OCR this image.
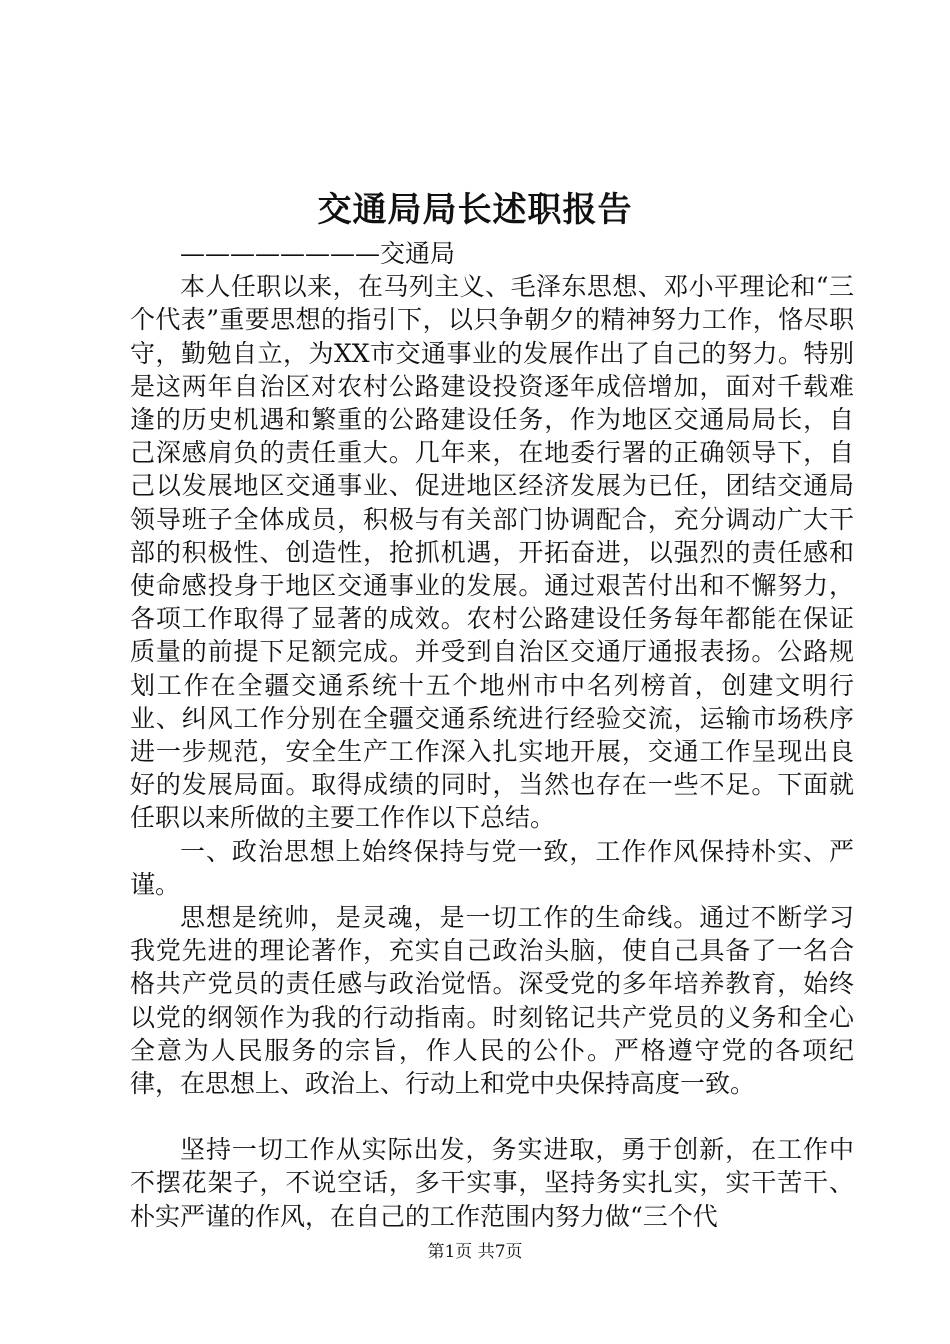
交通局局长述职报告

————————交通局

本人任职以来，在马列主义、毛泽东思想、邓小平理论和“三个代表”重要思想的指引下，以只争朝夕的精神努力工作，恪尽职守，勤勉自立，为XX市交通事业的发展作出了自己的努力。特别是这两年自治区对农村公路建设投资逐年成倍增加，面对千载难逢的历史机遇和繁重的公路建设任务，作为地区交通局局长，自己深感肩负的责任重大。几年来，在地委行署的正确领导下，自己以发展地区交通事业、促进地区经济发展为已任，团结交通局领导班子全体成员，积极与有关部门协调配合，充分调动广大干部的积极性、创造性，抢抓机遇，开拓奋进，以强烈的责任感和使命感投身于地区交通事业的发展。通过艰苦付出和不懈努力，各项工作取得了显著的成效。农村公路建设任务每年都能在保证质量的前提下足额完成。并受到自治区交通厅通报表扬。公路规划工作在全疆交通系统十五个地州市中名列榜首，创建文明行业、纠风工作分别在全疆交通系统进行经验交流，运输市场秩序进一步规范，安全生产工作深入扎实地开展，交通工作呈现出良好的发展局面。取得成绩的同时，当然也存在一些不足。下面就任职以来所做的主要工作作以下总结。

一、政治思想上始终保持与党一致，工作作风保持朴实、严谨。

思想是统帅，是灵魂，是一切工作的生命线。通过不断学习我党先进的理论著作，充实自己政治头脑，使自己具备了一名合格共产党员的责任感与政治觉悟。深受党的多年培养教育，始终以党的纲领作为我的行动指南。时刻铭记共产党员的义务和全心全意为人民服务的宗旨，作人民的公仆。严格遵守党的各项纪律，在思想上、政治上、行动上和党中央保持高度一致。

坚持一切工作从实际出发，务实进取，勇于创新，在工作中不摆花架子，不说空话，多干实事，坚持务实扎实，实干苦干、朴实严谨的作风，在自己的工作范围内努力做“三个代

第1页 共7页
